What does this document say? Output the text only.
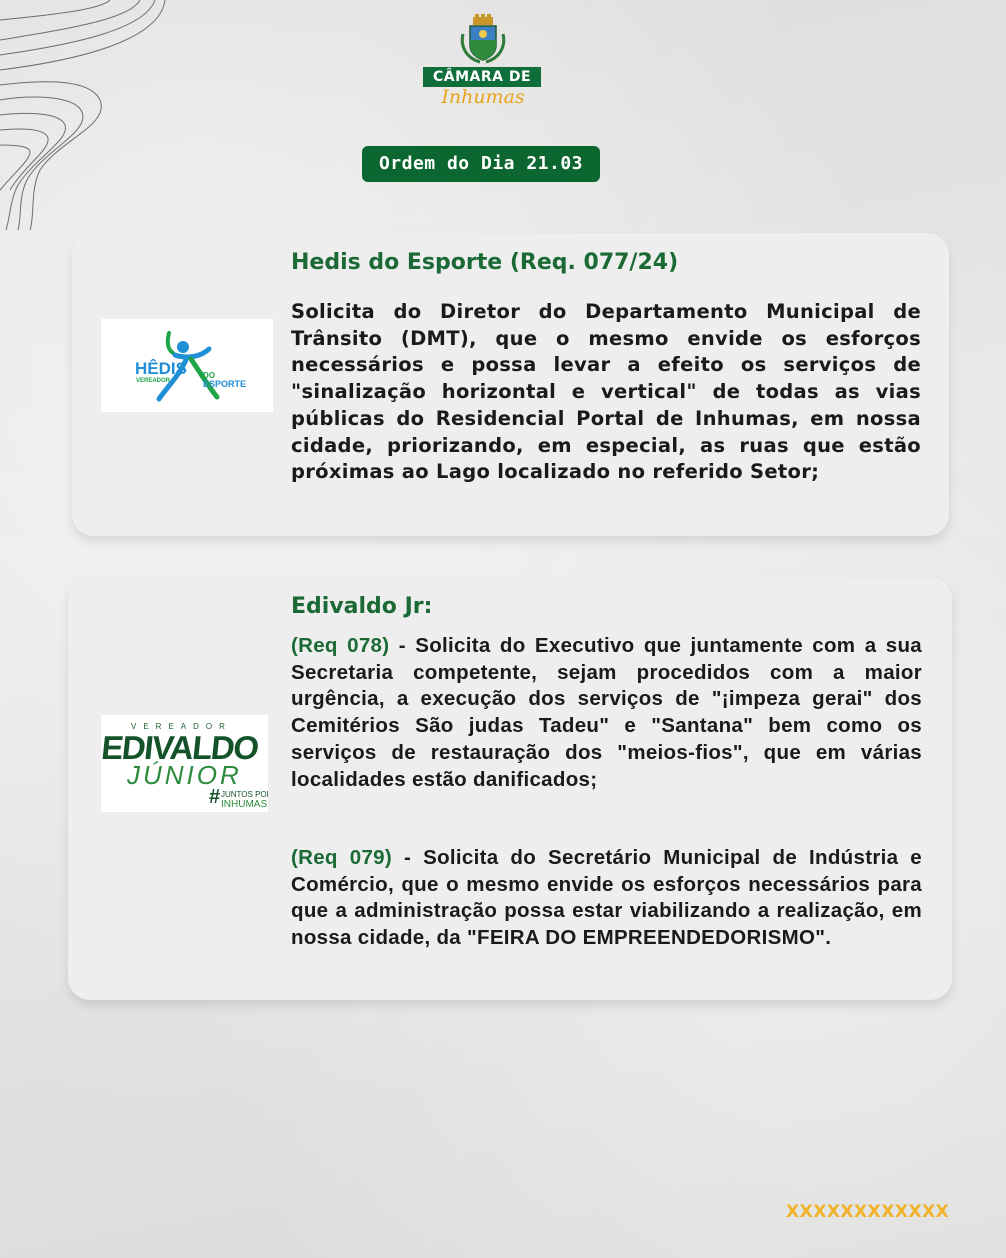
CÂMARA DE
Inhumas
Ordem do Dia 21.03
HÊDIS
VEREADOR
DO
ESPORTE
Hedis do Esporte (Req. 077/24)
Solicita do Diretor do Departamento Municipal de Trânsito (DMT), que o mesmo envide os esforços necessários e possa levar a efeito os serviços de "sinalização horizontal e vertical" de todas as vias públicas do Residencial Portal de Inhumas, em nossa cidade, priorizando, em especial, as ruas que estão próximas ao Lago localizado no referido Setor;
VEREADOR
EDIVALDO
JÚNIOR
# JUNTOS POR
INHUMAS
Edivaldo Jr:
(Req 078) - Solicita do Executivo que juntamente com a sua Secretaria competente, sejam procedidos com a maior urgência, a execução dos serviços de "¡impeza gerai" dos Cemitérios São judas Tadeu" e "Santana" bem como os serviços de restauração dos "meios-fios", que em várias localidades estão danificados;
(Req 079) - Solicita do Secretário Municipal de Indústria e Comércio, que o mesmo envide os esforços necessários para que a administração possa estar viabilizando a realização, em nossa cidade, da "FEIRA DO EMPREENDEDORISMO".
XXXXXXXXXXXX
